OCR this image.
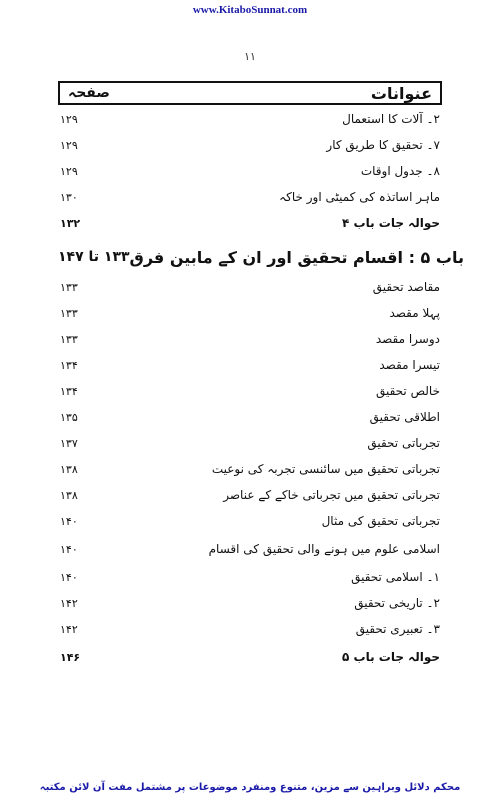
www.KitaboSunnat.com
۱۱
صفحہ	عنوانات
۱۲۹	۲۔ آلات کا استعمال
۱۲۹	۷۔ تحقیق کا طریق کار
۱۲۹	۸۔ جدول اوقات
۱۳۰	ماہر اساتذہ کی کمیٹی اور خاکہ
۱۳۲	حوالہ جات باب ۴
۱۳۳ تا ۱۴۷ باب ۵ : اقسام تحقیق اور ان کے مابین فرق
۱۳۳	مقاصد تحقیق
۱۳۳	پہلا مقصد
۱۳۳	دوسرا مقصد
۱۳۴	تیسرا مقصد
۱۳۴	خالص تحقیق
۱۳۵	اطلاقی تحقیق
۱۳۷	تجرباتی تحقیق
۱۳۸	تجرباتی تحقیق میں سائنسی تجربہ کی نوعیت
۱۳۸	تجرباتی تحقیق میں تجرباتی خاکے کے عناصر
۱۴۰	تجرباتی تحقیق کی مثال
۱۴۰	اسلامی علوم میں ہونے والی تحقیق کی اقسام
۱۴۰	۱۔ اسلامی تحقیق
۱۴۲	۲۔ تاریخی تحقیق
۱۴۲	۳۔ تعبیری تحقیق
۱۴۶	حوالہ جات باب ۵
محکم دلائل وبراہین سے مزین، متنوع ومنفرد موضوعات پر مشتمل مفت آن لائن مکتبہ
